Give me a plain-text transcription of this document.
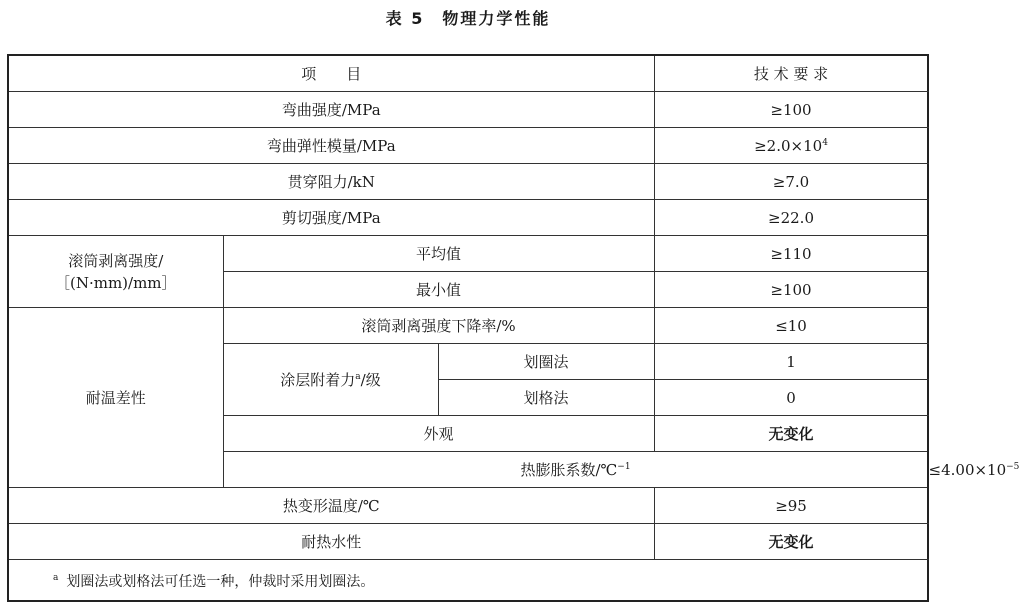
表 5　物理力学性能
项　　目			技 术 要 求	
弯曲强度/MPa			≥100	
弯曲弹性模量/MPa			$\ge 2.0\times 10^4$
贯穿阻力/kN			≥7.0	
剪切强度/MPa			≥22.0	

滚筒剥离强度/
［(N·mm)/mm］	平均值		≥110	
	最小值		≥100	
耐温差性	滚筒剥离强度下降率/%		≤10	
	涂层附着力$^a$/级	划圈法	1	
		划格法	0	
	外观		无变化	
	热膨胀系数/℃$^{-1}$			$\le 4.00\times 10^{-5}$
热变形温度/℃			≥95	
耐热水性			无变化	
$^a$ 划圈法或划格法可任选一种，仲裁时采用划圈法。				
